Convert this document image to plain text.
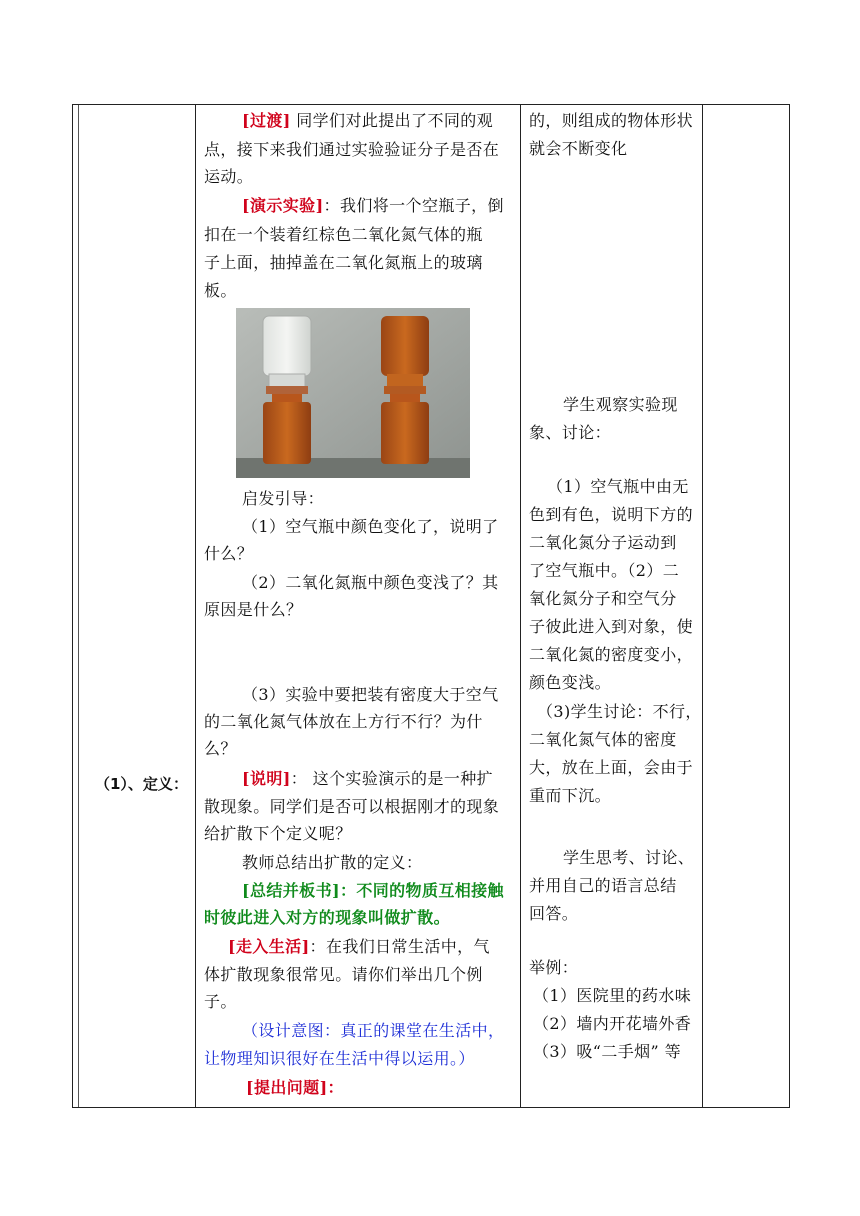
（1）、定义：
[过渡] 同学们对此提出了不同的观
点，接下来我们通过实验验证分子是否在
运动。
[演示实验]：我们将一个空瓶子，倒
扣在一个装着红棕色二氧化氮气体的瓶
子上面，抽掉盖在二氧化氮瓶上的玻璃
板。
启发引导：
（1）空气瓶中颜色变化了，说明了
什么？
（2）二氧化氮瓶中颜色变浅了？其
原因是什么？
（3）实验中要把装有密度大于空气
的二氧化氮气体放在上方行不行？为什
么？
[说明]： 这个实验演示的是一种扩
散现象。同学们是否可以根据刚才的现象
给扩散下个定义呢？
教师总结出扩散的定义：
[总结并板书]：不同的物质互相接触
时彼此进入对方的现象叫做扩散。
[走入生活]：在我们日常生活中，气
体扩散现象很常见。请你们举出几个例
子。
（设计意图：真正的课堂在生活中，
让物理知识很好在生活中得以运用。）
[提出问题]：
的，则组成的物体形状
就会不断变化
学生观察实验现
象、讨论：
（1）空气瓶中由无
色到有色，说明下方的
二氧化氮分子运动到
了空气瓶中。（2）二
氧化氮分子和空气分
子彼此进入到对象，使
二氧化氮的密度变小，
颜色变浅。
（3)学生讨论：不行，
二氧化氮气体的密度
大，放在上面，会由于
重而下沉。
学生思考、讨论、
并用自己的语言总结
回答。
举例：
（1）医院里的药水味
（2）墙内开花墙外香
（3）吸“二手烟” 等
